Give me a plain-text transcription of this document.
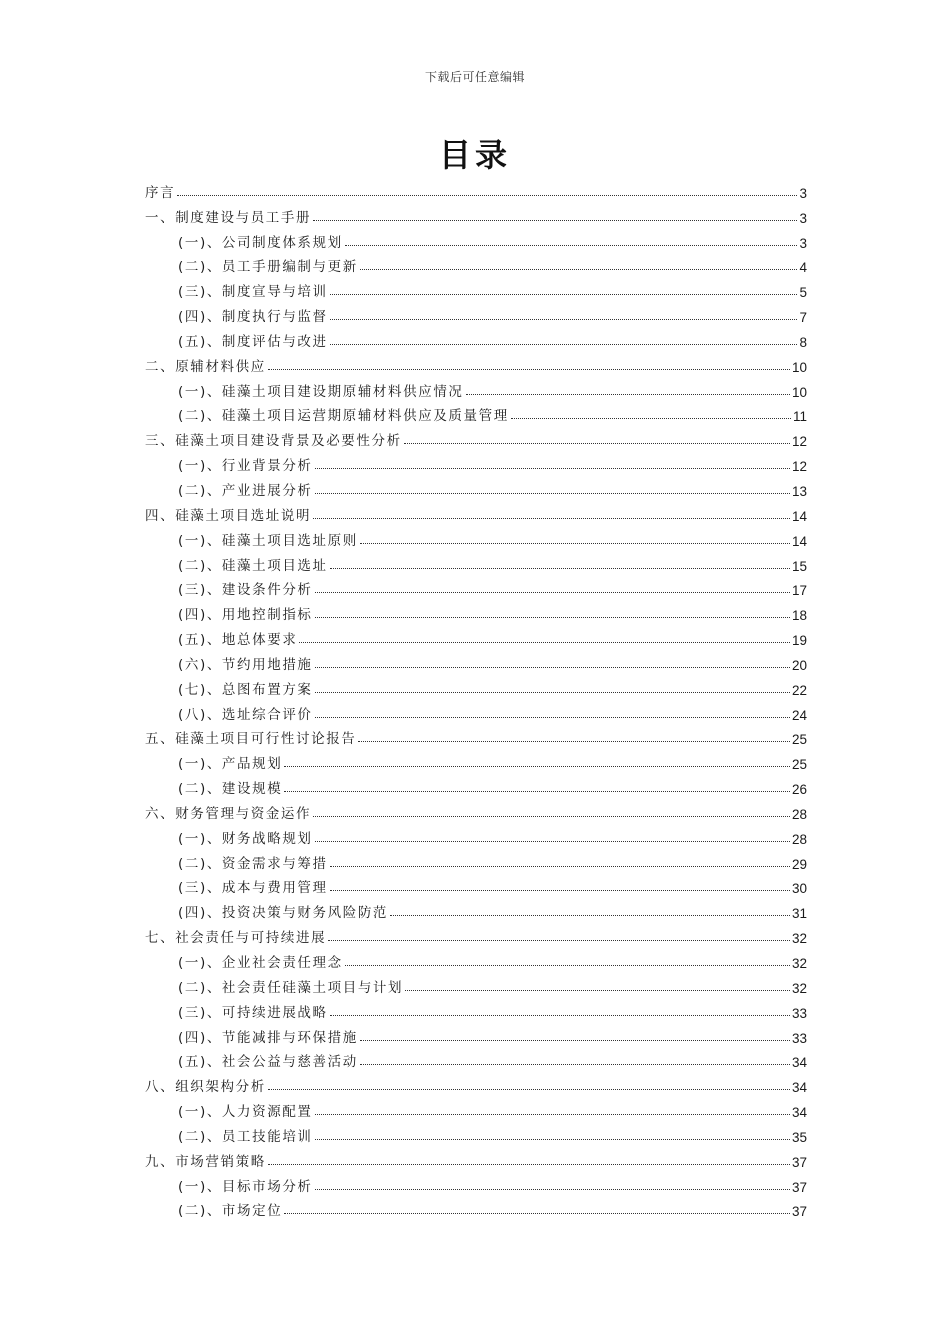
下载后可任意编辑
目录
序言	3
一、制度建设与员工手册	3
(一)、公司制度体系规划	3
(二)、员工手册编制与更新	4
(三)、制度宣导与培训	5
(四)、制度执行与监督	7
(五)、制度评估与改进	8
二、原辅材料供应	10
(一)、硅藻土项目建设期原辅材料供应情况	10
(二)、硅藻土项目运营期原辅材料供应及质量管理	11
三、硅藻土项目建设背景及必要性分析	12
(一)、行业背景分析	12
(二)、产业进展分析	13
四、硅藻土项目选址说明	14
(一)、硅藻土项目选址原则	14
(二)、硅藻土项目选址	15
(三)、建设条件分析	17
(四)、用地控制指标	18
(五)、地总体要求	19
(六)、节约用地措施	20
(七)、总图布置方案	22
(八)、选址综合评价	24
五、硅藻土项目可行性讨论报告	25
(一)、产品规划	25
(二)、建设规模	26
六、财务管理与资金运作	28
(一)、财务战略规划	28
(二)、资金需求与筹措	29
(三)、成本与费用管理	30
(四)、投资决策与财务风险防范	31
七、社会责任与可持续进展	32
(一)、企业社会责任理念	32
(二)、社会责任硅藻土项目与计划	32
(三)、可持续进展战略	33
(四)、节能减排与环保措施	33
(五)、社会公益与慈善活动	34
八、组织架构分析	34
(一)、人力资源配置	34
(二)、员工技能培训	35
九、市场营销策略	37
(一)、目标市场分析	37
(二)、市场定位	37
